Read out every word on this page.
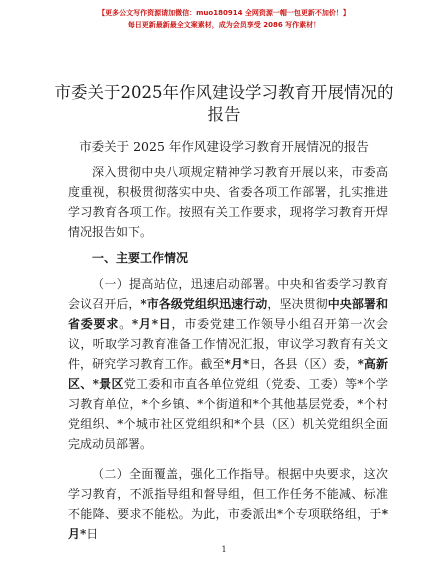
【更多公文写作资源请加微信：muo180914 全网资源一帽一包更新不加价！】
每日更新最新最全文案素材，成为会员享受 2086 写作素材！
市委关于2025年作风建设学习教育开展情况的
报告
市委关于 2025 年作风建设学习教育开展情况的报告

深入贯彻中央八项规定精神学习教育开展以来，市委高度重视，积极贯彻落实中央、省委各项工作部署，扎实推进学习教育各项工作。按照有关工作要求，现将学习教育开焊情况报告如下。

一、主要工作情况

（一）提高站位，迅速启动部署。中央和省委学习教育会议召开后，*市各级党组织迅速行动，坚决贯彻中央部署和省委要求。*月*日，市委党建工作领导小组召开第一次会议，听取学习教育准备工作情况汇报，审议学习教育有关文件，研究学习教育工作。截至*月*日，各县（区）委，*高新区、*景区党工委和市直各单位党组（党委、工委）等*个学习教育单位，*个乡镇、*个街道和*个其他基层党委，*个村党组织、*个城市社区党组织和*个县（区）机关党组织全面完成动员部署。

（二）全面覆盖，强化工作指导。根据中央要求，这次学习教育，不派指导组和督导组，但工作任务不能减、标准不能降、要求不能松。为此，市委派出*个专项联络组，于*月*日

1
